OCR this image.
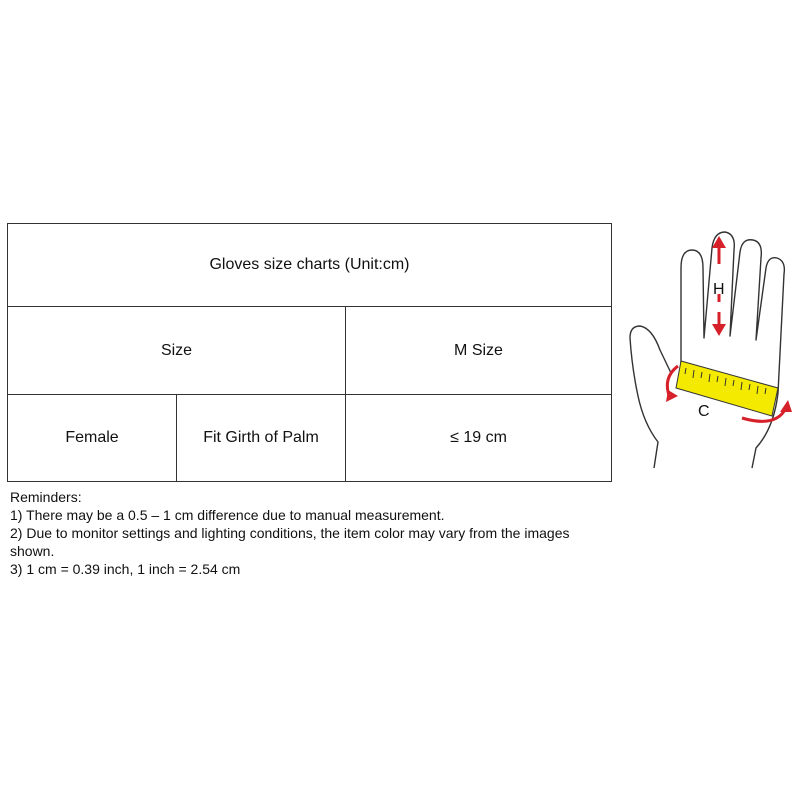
Gloves size charts (Unit:cm)		
Size		M Size
Female	Fit Girth of Palm	≤ 19 cm
Reminders:
1) There may be a 0.5 – 1 cm difference due to manual measurement.
2) Due to monitor settings and lighting conditions, the item color may vary from the images shown.
3) 1 cm = 0.39 inch, 1 inch = 2.54 cm
H
C
